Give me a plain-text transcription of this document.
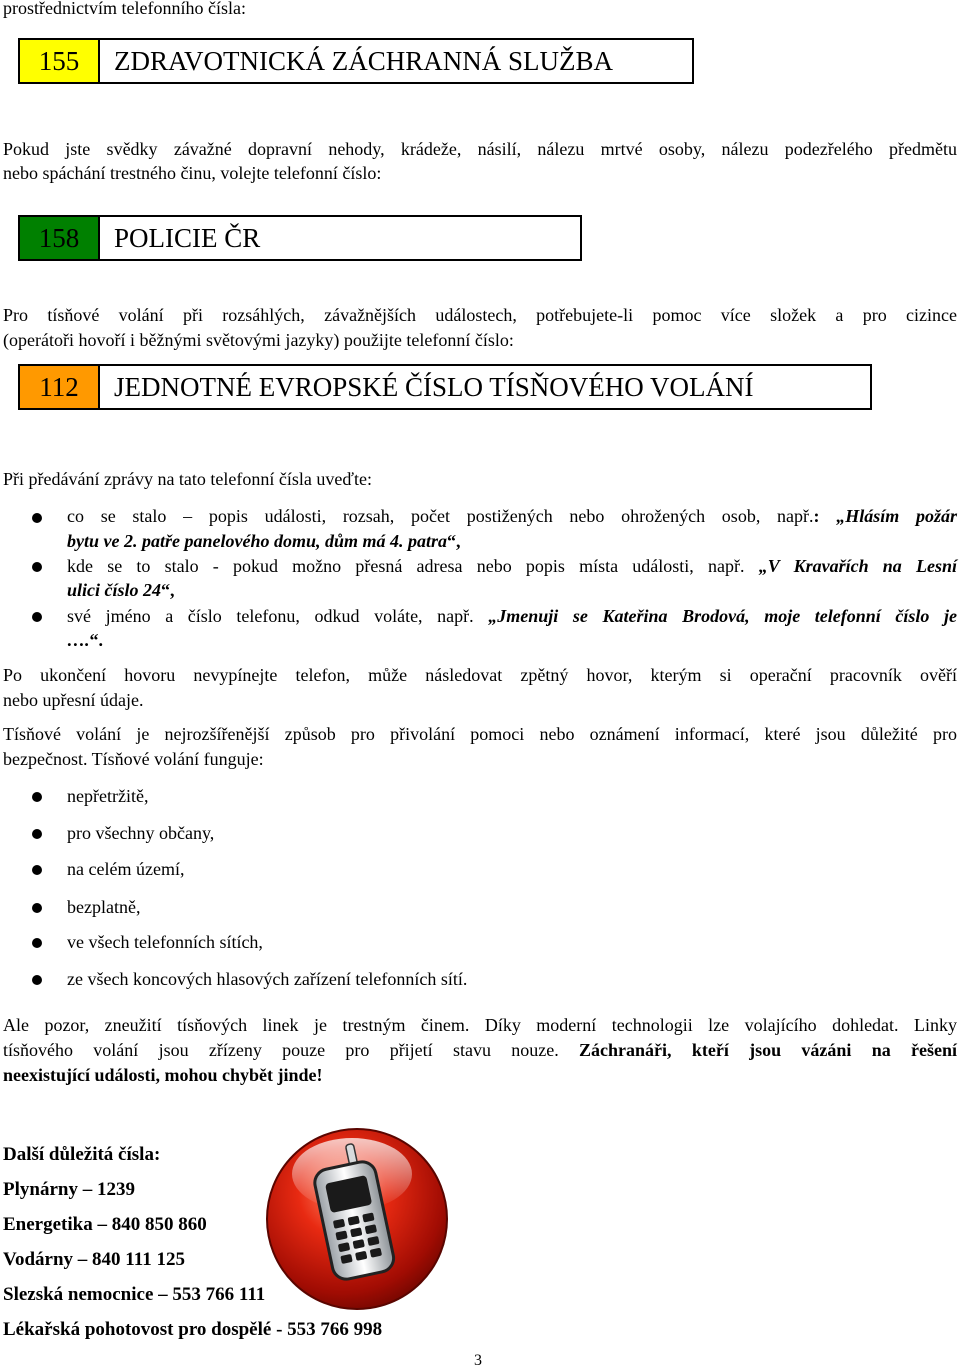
prostřednictvím telefonního čísla:
155	ZDRAVOTNICKÁ ZÁCHRANNÁ SLUŽBA
Pokud jste svědky závažné dopravní nehody, krádeže, násilí, nálezu mrtvé osoby, nálezu podezřelého předmětu
nebo spáchání trestného činu, volejte telefonní číslo:
158	POLICIE ČR
Pro tísňové volání při rozsáhlých, závažnějších událostech, potřebujete-li pomoc více složek a pro cizince
(operátoři hovoří i běžnými světovými jazyky) použijte telefonní číslo:
112	JEDNOTNÉ EVROPSKÉ ČÍSLO TÍSŇOVÉHO VOLÁNÍ
Při předávání zprávy na tato telefonní čísla uveďte:
co se stalo – popis události, rozsah, počet postižených nebo ohrožených osob, např.: „Hlásím požár
bytu ve 2. patře panelového domu, dům má 4. patra“,
kde se to stalo - pokud možno přesná adresa nebo popis místa události, např. „V Kravařích na Lesní
ulici číslo 24“,
své jméno a číslo telefonu, odkud voláte, např. „Jmenuji se Kateřina Brodová, moje telefonní číslo je
….“.
Po ukončení hovoru nevypínejte telefon, může následovat zpětný hovor, kterým si operační pracovník ověří
nebo upřesní údaje.
Tísňové volání je nejrozšířenější způsob pro přivolání pomoci nebo oznámení informací, které jsou důležité pro
bezpečnost. Tísňové volání funguje:
nepřetržitě,
pro všechny občany,
na celém území,
bezplatně,
ve všech telefonních sítích,
ze všech koncových hlasových zařízení telefonních sítí.
Ale pozor, zneužití tísňových linek je trestným činem. Díky moderní technologii lze volajícího dohledat. Linky
tísňového volání jsou zřízeny pouze pro přijetí stavu nouze. Záchranáři, kteří jsou vázáni na řešení
neexistující události, mohou chybět jinde!
Další důležitá čísla:
Plynárny – 1239
Energetika – 840 850 860
Vodárny – 840 111 125
Slezská nemocnice – 553 766 111
Lékařská pohotovost pro dospělé - 553 766 998
3
